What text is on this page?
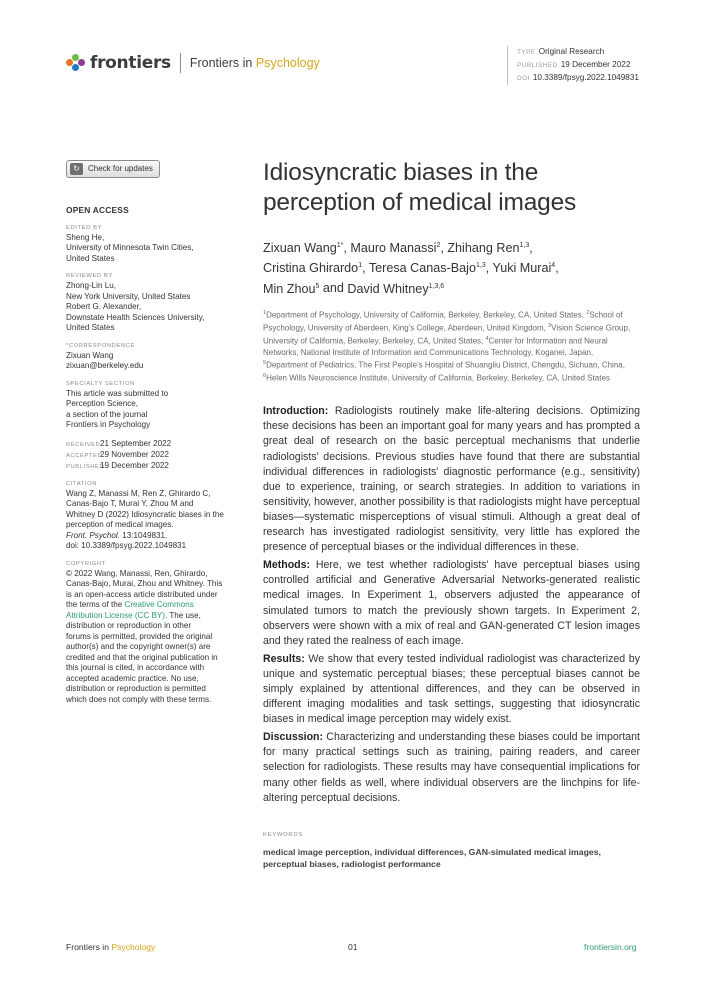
frontiers Frontiers in Psychology
TYPE Original Research
PUBLISHED 19 December 2022
DOI 10.3389/fpsyg.2022.1049831
↻	Check for updates
OPEN ACCESS
EDITED BY
Sheng He,
University of Minnesota Twin Cities,
United States
REVIEWED BY
Zhong-Lin Lu,
New York University, United States
Robert G. Alexander,
Downstate Health Sciences University,
United States
*CORRESPONDENCE
Zixuan Wang
zixuan@berkeley.edu
SPECIALTY SECTION
This article was submitted to
Perception Science,
a section of the journal
Frontiers in Psychology
RECEIVED21 September 2022
ACCEPTED29 November 2022
PUBLISHED19 December 2022
CITATION
Wang Z, Manassi M, Ren Z, Ghirardo C,
Canas-Bajo T, Murai Y, Zhou M and
Whitney D (2022) Idiosyncratic biases in the
perception of medical images.
Front. Psychol. 13:1049831.
doi: 10.3389/fpsyg.2022.1049831
COPYRIGHT
© 2022 Wang, Manassi, Ren, Ghirardo,
Canas-Bajo, Murai, Zhou and Whitney. This
is an open-access article distributed under
the terms of the Creative Commons
Attribution License (CC BY). The use,
distribution or reproduction in other
forums is permitted, provided the original
author(s) and the copyright owner(s) are
credited and that the original publication in
this journal is cited, in accordance with
accepted academic practice. No use,
distribution or reproduction is permitted
which does not comply with these terms.
Idiosyncratic biases in the
perception of medical images
Zixuan Wang$^{1*}$, Mauro Manassi$^2$, Zhihang Ren$^{1,3}$,
Cristina Ghirardo$^1$, Teresa Canas-Bajo$^{1,3}$, Yuki Murai$^4$,
Min Zhou$^5$ and David Whitney$^{1,3,6}$
$^1$Department of Psychology, University of California, Berkeley, Berkeley, CA, United States, $^2$School of Psychology, University of Aberdeen, King's College, Aberdeen, United Kingdom, $^3$Vision Science Group, University of California, Berkeley, Berkeley, CA, United States, $^4$Center for Information and Neural Networks, National Institute of Information and Communications Technology, Koganei, Japan, $^5$Department of Pediatrics, The First People's Hospital of Shuangliu District, Chengdu, Sichuan, China, $^6$Helen Wills Neuroscience Institute, University of California, Berkeley, Berkeley, CA, United States

Introduction: Radiologists routinely make life-altering decisions. Optimizing these decisions has been an important goal for many years and has prompted a great deal of research on the basic perceptual mechanisms that underlie radiologists' decisions. Previous studies have found that there are substantial individual differences in radiologists' diagnostic performance (e.g., sensitivity) due to experience, training, or search strategies. In addition to variations in sensitivity, however, another possibility is that radiologists might have perceptual biases—systematic misperceptions of visual stimuli. Although a great deal of research has investigated radiologist sensitivity, very little has explored the presence of perceptual biases or the individual differences in these.

Methods: Here, we test whether radiologists' have perceptual biases using controlled artificial and Generative Adversarial Networks-generated realistic medical images. In Experiment 1, observers adjusted the appearance of simulated tumors to match the previously shown targets. In Experiment 2, observers were shown with a mix of real and GAN-generated CT lesion images and they rated the realness of each image.

Results: We show that every tested individual radiologist was characterized by unique and systematic perceptual biases; these perceptual biases cannot be simply explained by attentional differences, and they can be observed in different imaging modalities and task settings, suggesting that idiosyncratic biases in medical image perception may widely exist.

Discussion: Characterizing and understanding these biases could be important for many practical settings such as training, pairing readers, and career selection for radiologists. These results may have consequential implications for many other fields as well, where individual observers are the linchpins for life-altering perceptual decisions.

KEYWORDS
medical image perception, individual differences, GAN-simulated medical images, perceptual biases, radiologist performance
Frontiers in Psychology	01	frontiersin.org
